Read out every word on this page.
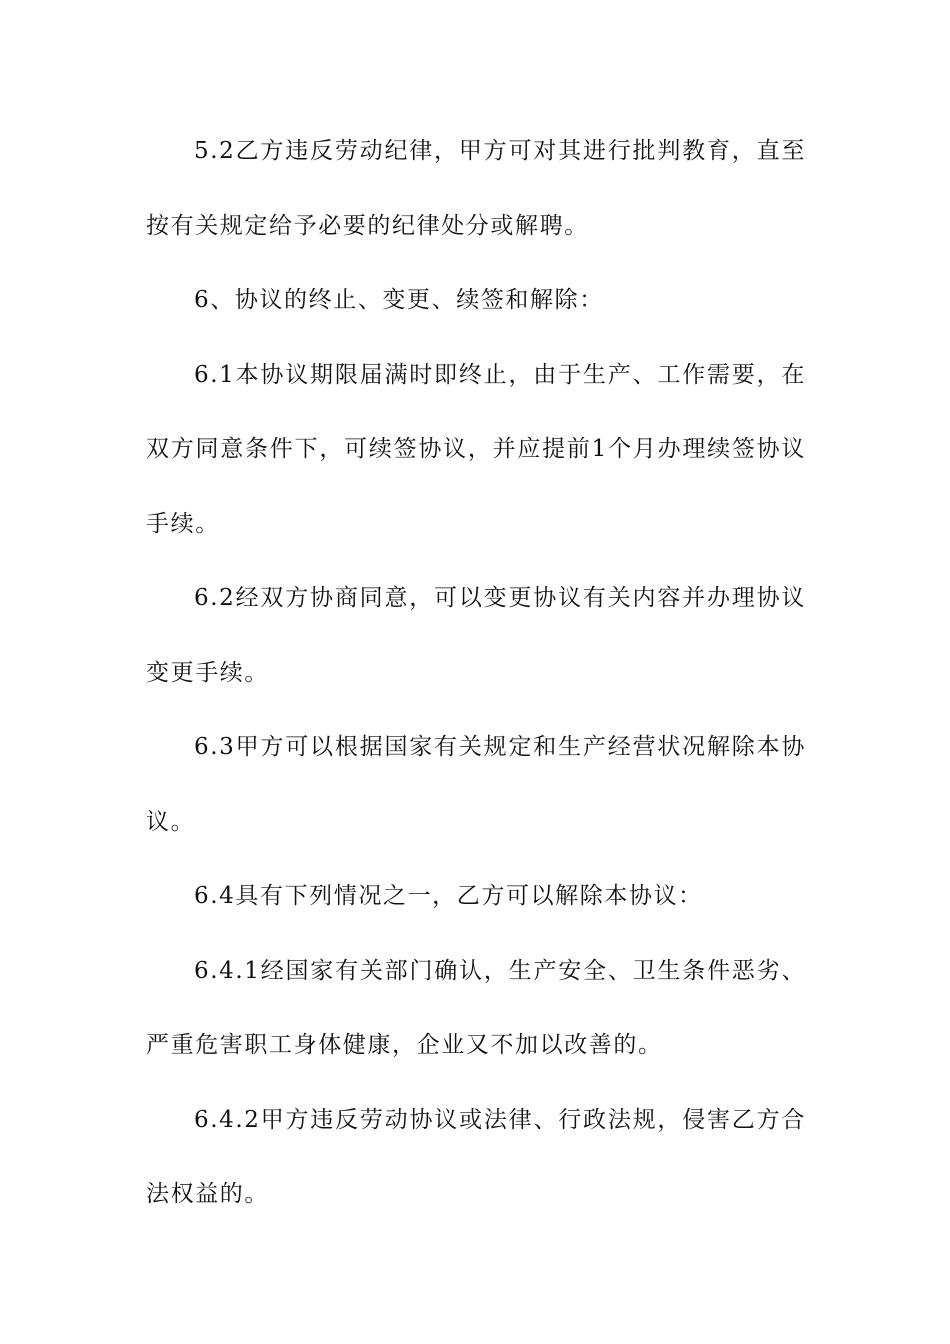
5.2乙方违反劳动纪律，甲方可对其进行批判教育，直至按有关规定给予必要的纪律处分或解聘。

6、协议的终止、变更、续签和解除：

6.1本协议期限届满时即终止，由于生产、工作需要，在双方同意条件下，可续签协议，并应提前1个月办理续签协议手续。

6.2经双方协商同意，可以变更协议有关内容并办理协议变更手续。

6.3甲方可以根据国家有关规定和生产经营状况解除本协议。

6.4具有下列情况之一，乙方可以解除本协议：

6.4.1经国家有关部门确认，生产安全、卫生条件恶劣、严重危害职工身体健康，企业又不加以改善的。

6.4.2甲方违反劳动协议或法律、行政法规，侵害乙方合法权益的。
